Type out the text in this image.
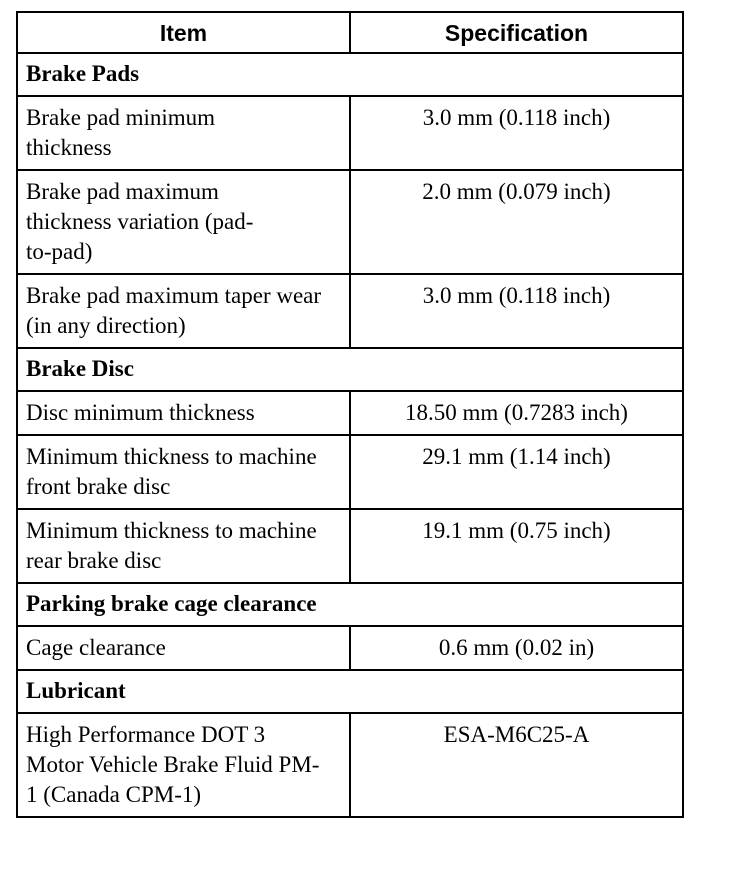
Item	Specification
Brake Pads	

Brake pad minimum thickness	3.0 mm (0.118 inch)

Brake pad maximum thickness variation (pad-to-pad)	2.0 mm (0.079 inch)

Brake pad maximum taper wear (in any direction)	3.0 mm (0.118 inch)
Brake Disc	

Disc minimum thickness	18.50 mm (0.7283 inch)

Minimum thickness to machine front brake disc	29.1 mm (1.14 inch)

Minimum thickness to machine rear brake disc	19.1 mm (0.75 inch)
Parking brake cage clearance	

Cage clearance	0.6 mm (0.02 in)
Lubricant	

High Performance DOT 3 Motor Vehicle Brake Fluid PM-1 (Canada CPM-1)	ESA-M6C25-A
